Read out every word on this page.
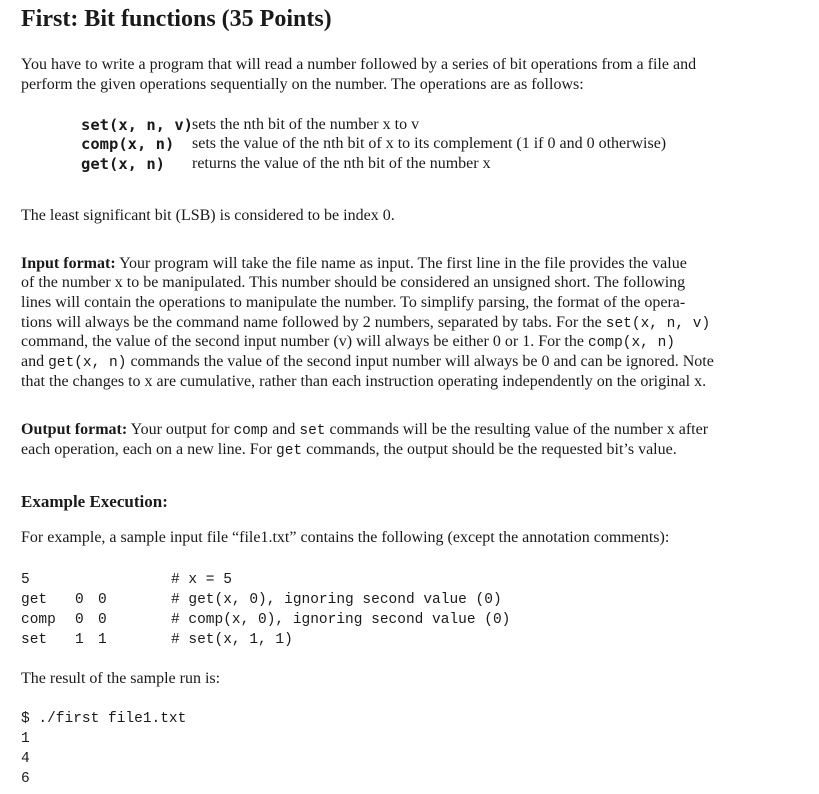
First: Bit functions (35 Points)
You have to write a program that will read a number followed by a series of bit operations from a file and
perform the given operations sequentially on the number. The operations are as follows:
set(x, n, v) sets the nth bit of the number x to v
comp(x, n) sets the value of the nth bit of x to its complement (1 if 0 and 0 otherwise)
get(x, n) returns the value of the nth bit of the number x
The least significant bit (LSB) is considered to be index 0.
Input format: Your program will take the file name as input. The first line in the file provides the value
of the number x to be manipulated. This number should be considered an unsigned short. The following
lines will contain the operations to manipulate the number. To simplify parsing, the format of the opera-
tions will always be the command name followed by 2 numbers, separated by tabs. For the set(x, n, v)
command, the value of the second input number (v) will always be either 0 or 1. For the comp(x, n)
and get(x, n) commands the value of the second input number will always be 0 and can be ignored. Note
that the changes to x are cumulative, rather than each instruction operating independently on the original x.
Output format: Your output for comp and set commands will be the resulting value of the number x after
each operation, each on a new line. For get commands, the output should be the requested bit’s value.
Example Execution:
For example, a sample input file “file1.txt” contains the following (except the annotation comments):
5	# x = 5
get 0 0	# get(x, 0), ignoring second value (0)
comp 0 0	# comp(x, 0), ignoring second value (0)
set 1 1	# set(x, 1, 1)
The result of the sample run is:
$ ./first file1.txt
1
4
6
